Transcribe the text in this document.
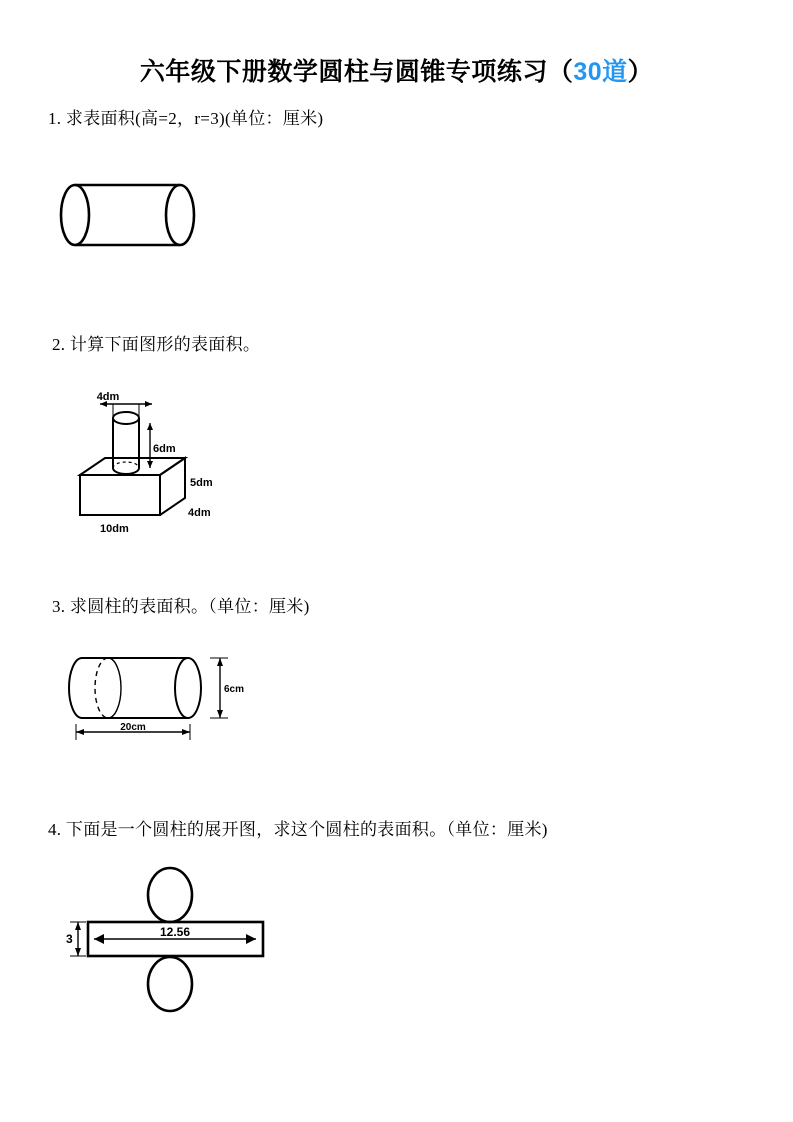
六年级下册数学圆柱与圆锥专项练习（30道）
1. 求表面积(高=2，r=3)(单位：厘米)
2. 计算下面图形的表面积。
4dm
6dm
5dm
4dm
10dm
3. 求圆柱的表面积。（单位：厘米)
6cm
20cm
4. 下面是一个圆柱的展开图，求这个圆柱的表面积。（单位：厘米)
12.56
3
